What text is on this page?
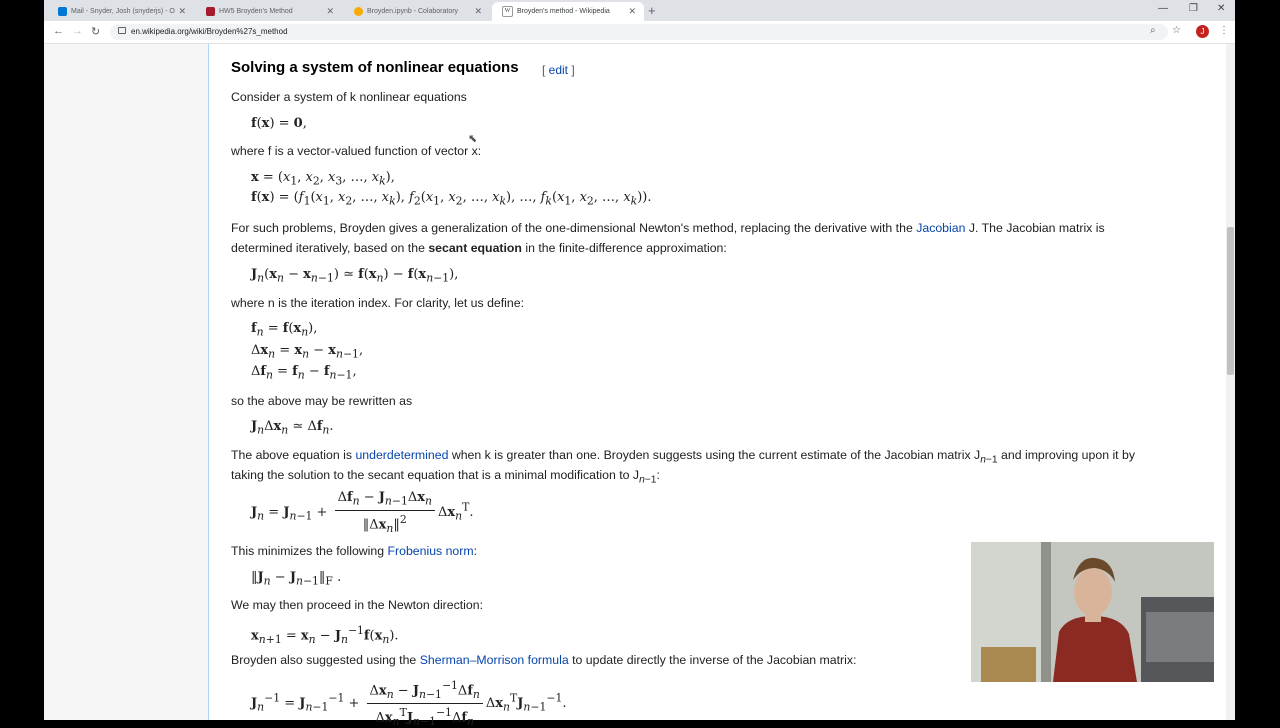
Mail - Snyder, Josh (snyderjs) - O ✕	HW5 Broyden's Method	✕	Broyden.ipynb - Colaboratory ✕	W Broyden's method - Wikipedia ✕ +	— ❐ ✕
← → ↻	en.wikipedia.org/wiki/Broyden%27s_method	⌕ ☆	J	⋮
Solving a system of nonlinear equations [ edit ]

Consider a system of k nonlinear equations

f(x) = 0,

where f is a vector-valued function of vector x:

$x = (x_1$, $x_2$, $x_3$, …, $x_k$),
$f(x) = (f_1(x_1$, $x_2$, …, $x_k$), $f_2(x_1$, $x_2$, …, $x_k$), …, $f_k(x_1$, $x_2$, …, $x_k$)).

For such problems, Broyden gives a generalization of the one-dimensional Newton's method, replacing the derivative with the Jacobian J. The Jacobian matrix is

determined iteratively, based on the secant equation in the finite-difference approximation:

$J_n(x_n - x_{n-1})$ ≃ $f(x_n) - f(x_{n-1})$,

where n is the iteration index. For clarity, let us define:

$f_n = f(x_n)$,
$\Delta x_n = x_n - x_{n-1}$,
$\Delta f_n = f_n - f_{n-1}$,

so the above may be rewritten as

$J_n\Delta x_n$ ≃ $\Delta f_n$.

The above equation is underdetermined when k is greater than one. Broyden suggests using the current estimate of the Jacobian matrix $J_{n-1}$ and improving upon it by

taking the solution to the secant equation that is a minimal modification to $J_{n-1}$:

$J_n = J_{n-1} + \frac{\Delta f_n - J_{n-1}\Delta x_n}{‖\Delta x_n‖^2} \Delta x_n^T$.

This minimizes the following Frobenius norm:

$‖J_n$ − $J_{n-1}‖_F$ .

We may then proceed in the Newton direction:

$x_{n+1} = x_n - J_n^{-1}f(x_n)$.

Broyden also suggested using the Sherman–Morrison formula to update directly the inverse of the Jacobian matrix:

$J_n^{-1} = J_{n-1}^{-1} + \frac{\Delta x_n - J_{n-1}^{-1}\Delta f_n}{\Delta x_n^TJ_{n-1}^{-1}\Delta f_n} \Delta x_n^TJ_{n-1}^{-1}$.
⬉
